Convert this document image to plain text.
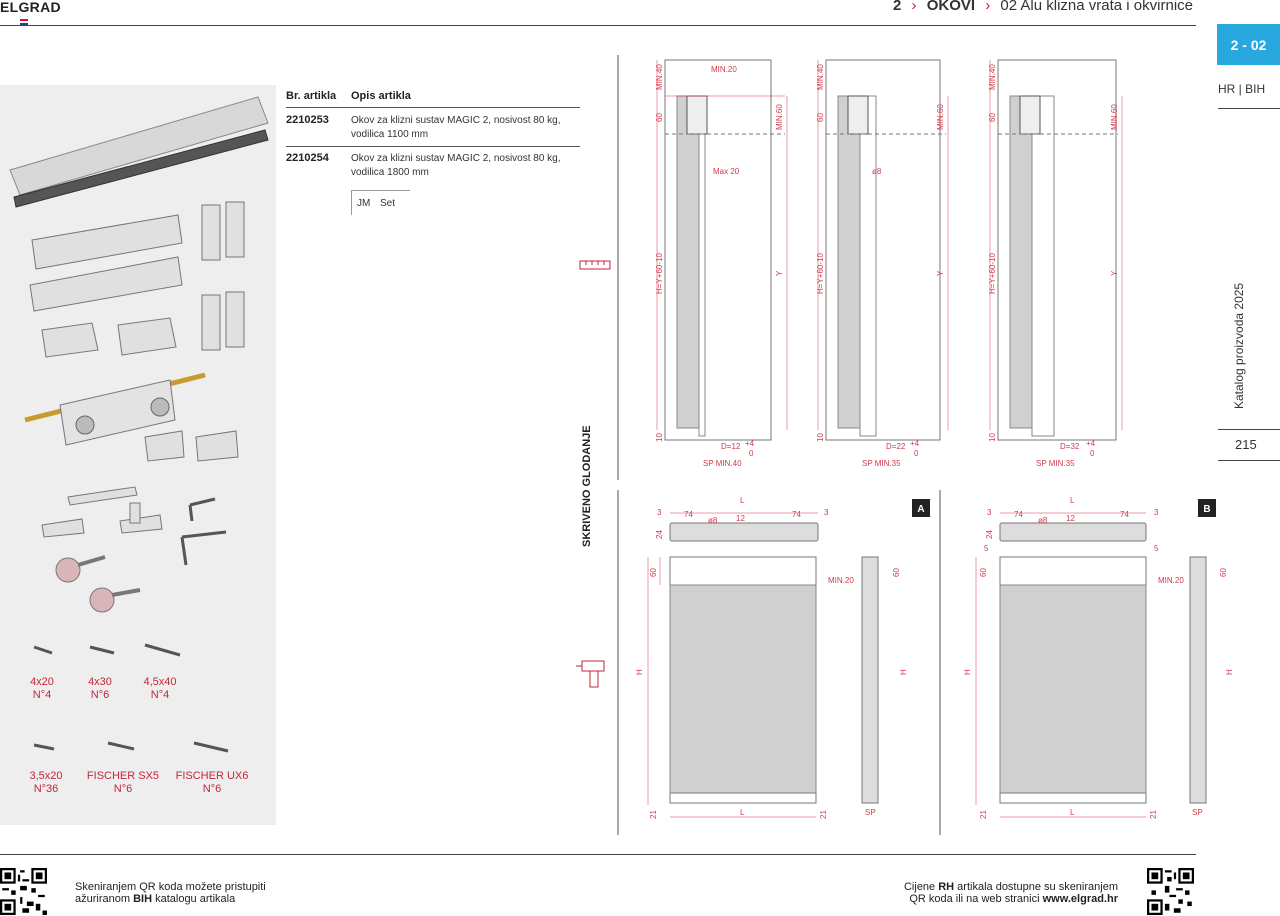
ELGRAD	2 › OKOVI › 02 Alu klizna vrata i okvirnice
2 - 02
HR | BIH
Katalog proizvoda 2025
215
4x20
N°4
4x30
N°6
4,5x40
N°4
3,5x20
N°36
FISCHER SX5
N°6
FISCHER UX6
N°6
Br. artikla Opis artikla
2210253 Okov za klizni sustav MAGIC 2, nosivost 80 kg,
vodilica 1100 mm
2210254 Okov za klizni sustav MAGIC 2, nosivost 80 kg,
vodilica 1800 mm
JM Set
SKRIVENO GLODANJE
MIN.40
60
H=Y+60-10
10
MIN.60
Y
MIN.20
Max 20
D=12 +4
0
SP MIN.40
MIN.40
60
H=Y+60-10
10
MIN.60
Y
ø8
D=22 +4
0
SP MIN.35
MIN.40
60
H=Y+60-10
10
MIN.60
Y
D=32 +4
0
SP MIN.35
A
L
3	74
ø8 12	74	3
24
60
H
21	L	21
MIN.20
60
H
SP
B
L
3	74
ø8 12	74	3
24
5	5
60
H
21	L	21
MIN.20
60
H
SP
Skeniranjem QR koda možete pristupiti
ažuriranom BIH katalogu artikala
Cijene RH artikala dostupne su skeniranjem
QR koda ili na web stranici www.elgrad.hr
